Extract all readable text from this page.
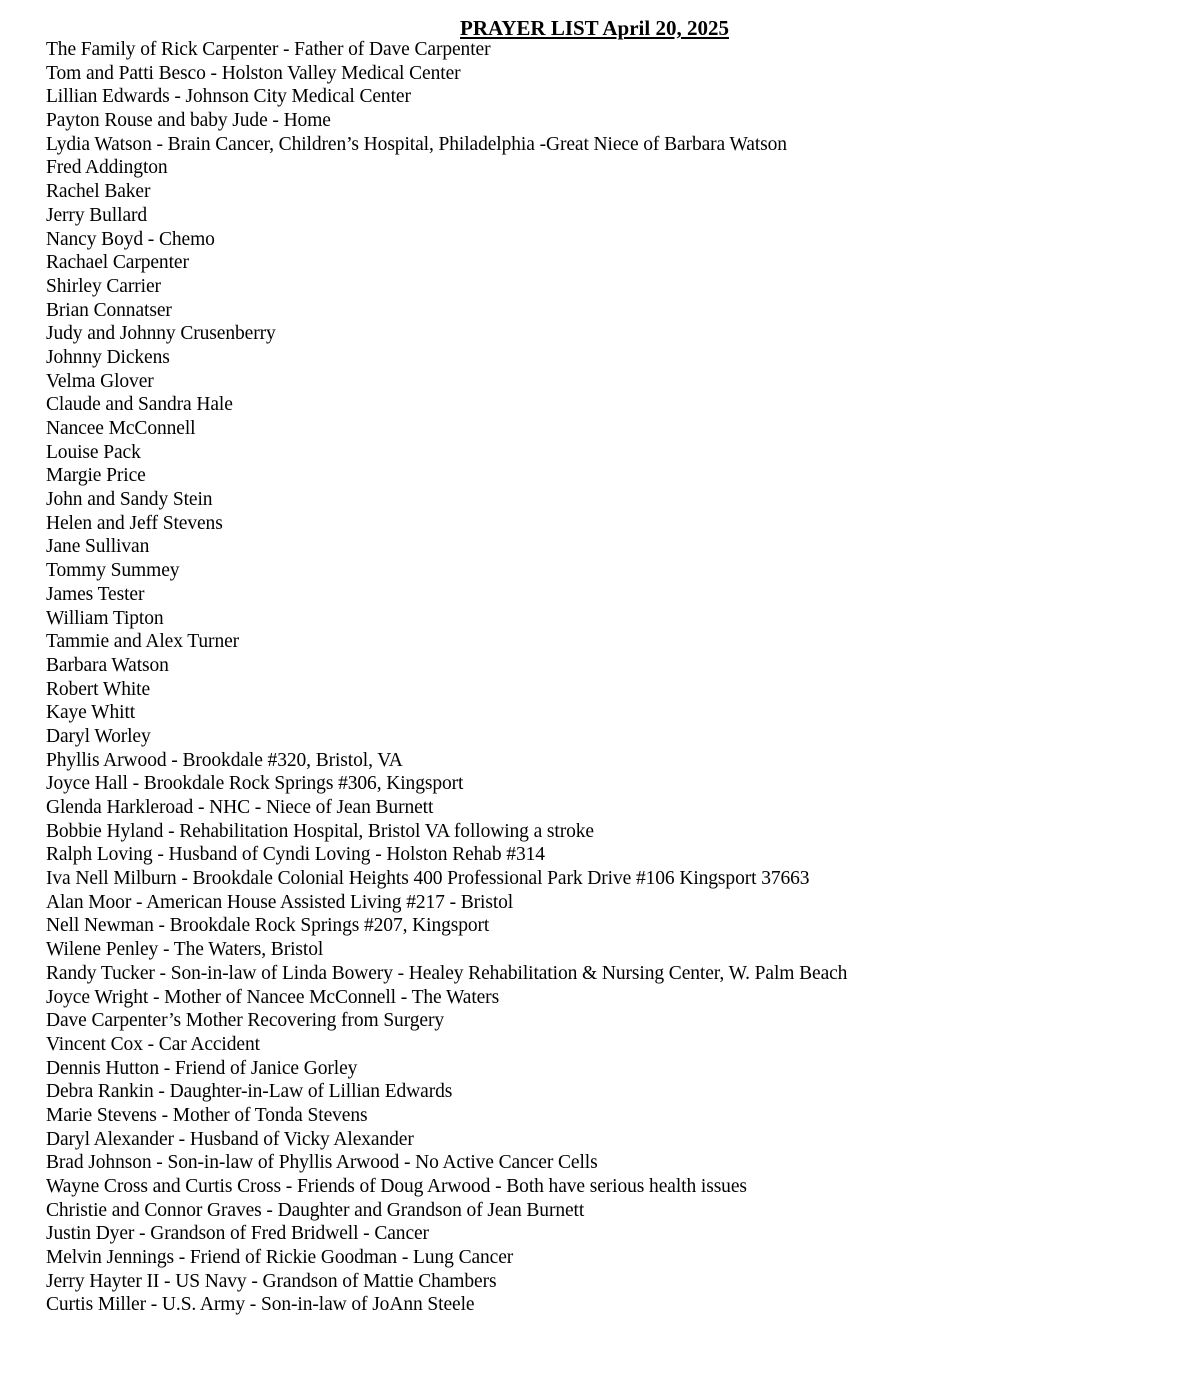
PRAYER LIST April 20, 2025
The Family of Rick Carpenter - Father of Dave Carpenter
Tom and Patti Besco - Holston Valley Medical Center
Lillian Edwards - Johnson City Medical Center
Payton Rouse and baby Jude - Home
Lydia Watson - Brain Cancer, Children’s Hospital, Philadelphia -Great Niece of Barbara Watson
Fred Addington
Rachel Baker
Jerry Bullard
Nancy Boyd - Chemo
Rachael Carpenter
Shirley Carrier
Brian Connatser
Judy and Johnny Crusenberry
Johnny Dickens
Velma Glover
Claude and Sandra Hale
Nancee McConnell
Louise Pack
Margie Price
John and Sandy Stein
Helen and Jeff Stevens
Jane Sullivan
Tommy Summey
James Tester
William Tipton
Tammie and Alex Turner
Barbara Watson
Robert White
Kaye Whitt
Daryl Worley
Phyllis Arwood - Brookdale #320, Bristol, VA
Joyce Hall - Brookdale Rock Springs #306, Kingsport
Glenda Harkleroad - NHC - Niece of Jean Burnett
Bobbie Hyland - Rehabilitation Hospital, Bristol VA following a stroke
Ralph Loving - Husband of Cyndi Loving - Holston Rehab #314
Iva Nell Milburn - Brookdale Colonial Heights 400 Professional Park Drive #106 Kingsport 37663
Alan Moor - American House Assisted Living #217 - Bristol
Nell Newman - Brookdale Rock Springs #207, Kingsport
Wilene Penley - The Waters, Bristol
Randy Tucker - Son-in-law of Linda Bowery - Healey Rehabilitation & Nursing Center, W. Palm Beach
Joyce Wright - Mother of Nancee McConnell - The Waters
Dave Carpenter’s Mother Recovering from Surgery
Vincent Cox - Car Accident
Dennis Hutton - Friend of Janice Gorley
Debra Rankin - Daughter-in-Law of Lillian Edwards
Marie Stevens - Mother of Tonda Stevens
Daryl Alexander - Husband of Vicky Alexander
Brad Johnson - Son-in-law of Phyllis Arwood - No Active Cancer Cells
Wayne Cross and Curtis Cross - Friends of Doug Arwood - Both have serious health issues
Christie and Connor Graves - Daughter and Grandson of Jean Burnett
Justin Dyer - Grandson of Fred Bridwell - Cancer
Melvin Jennings - Friend of Rickie Goodman - Lung Cancer
Jerry Hayter II - US Navy - Grandson of Mattie Chambers
Curtis Miller - U.S. Army - Son-in-law of JoAnn Steele
